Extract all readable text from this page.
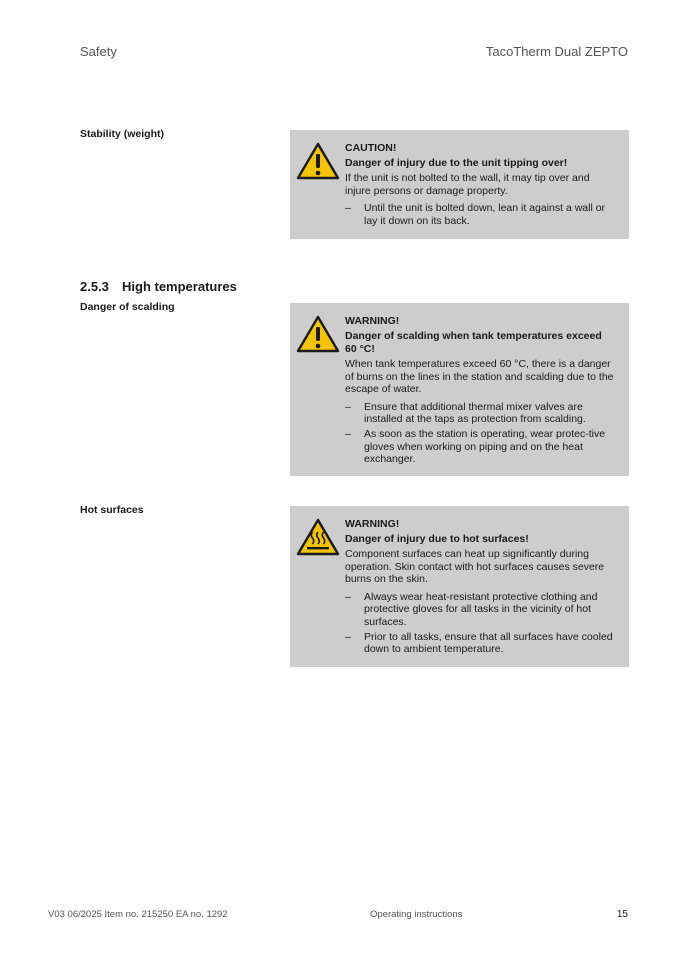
Safety	TacoTherm Dual ZEPTO
Stability (weight)
CAUTION!
Danger of injury due to the unit tipping over!
If the unit is not bolted to the wall, it may tip over and injure persons or damage property.
– Until the unit is bolted down, lean it against a wall or lay it down on its back.
2.5.3 High temperatures
Danger of scalding
WARNING!
Danger of scalding when tank temperatures exceed 60 °C!
When tank temperatures exceed 60 °C, there is a danger of burns on the lines in the station and scalding due to the escape of water.
– Ensure that additional thermal mixer valves are installed at the taps as protection from scalding.
– As soon as the station is operating, wear protec-tive gloves when working on piping and on the heat exchanger.
Hot surfaces
WARNING!
Danger of injury due to hot surfaces!
Component surfaces can heat up significantly during operation. Skin contact with hot surfaces causes severe burns on the skin.
– Always wear heat-resistant protective clothing and protective gloves for all tasks in the vicinity of hot surfaces.
– Prior to all tasks, ensure that all surfaces have cooled down to ambient temperature.
V03 06/2025 Item no. 215250 EA no. 1292	Operating instructions	15
